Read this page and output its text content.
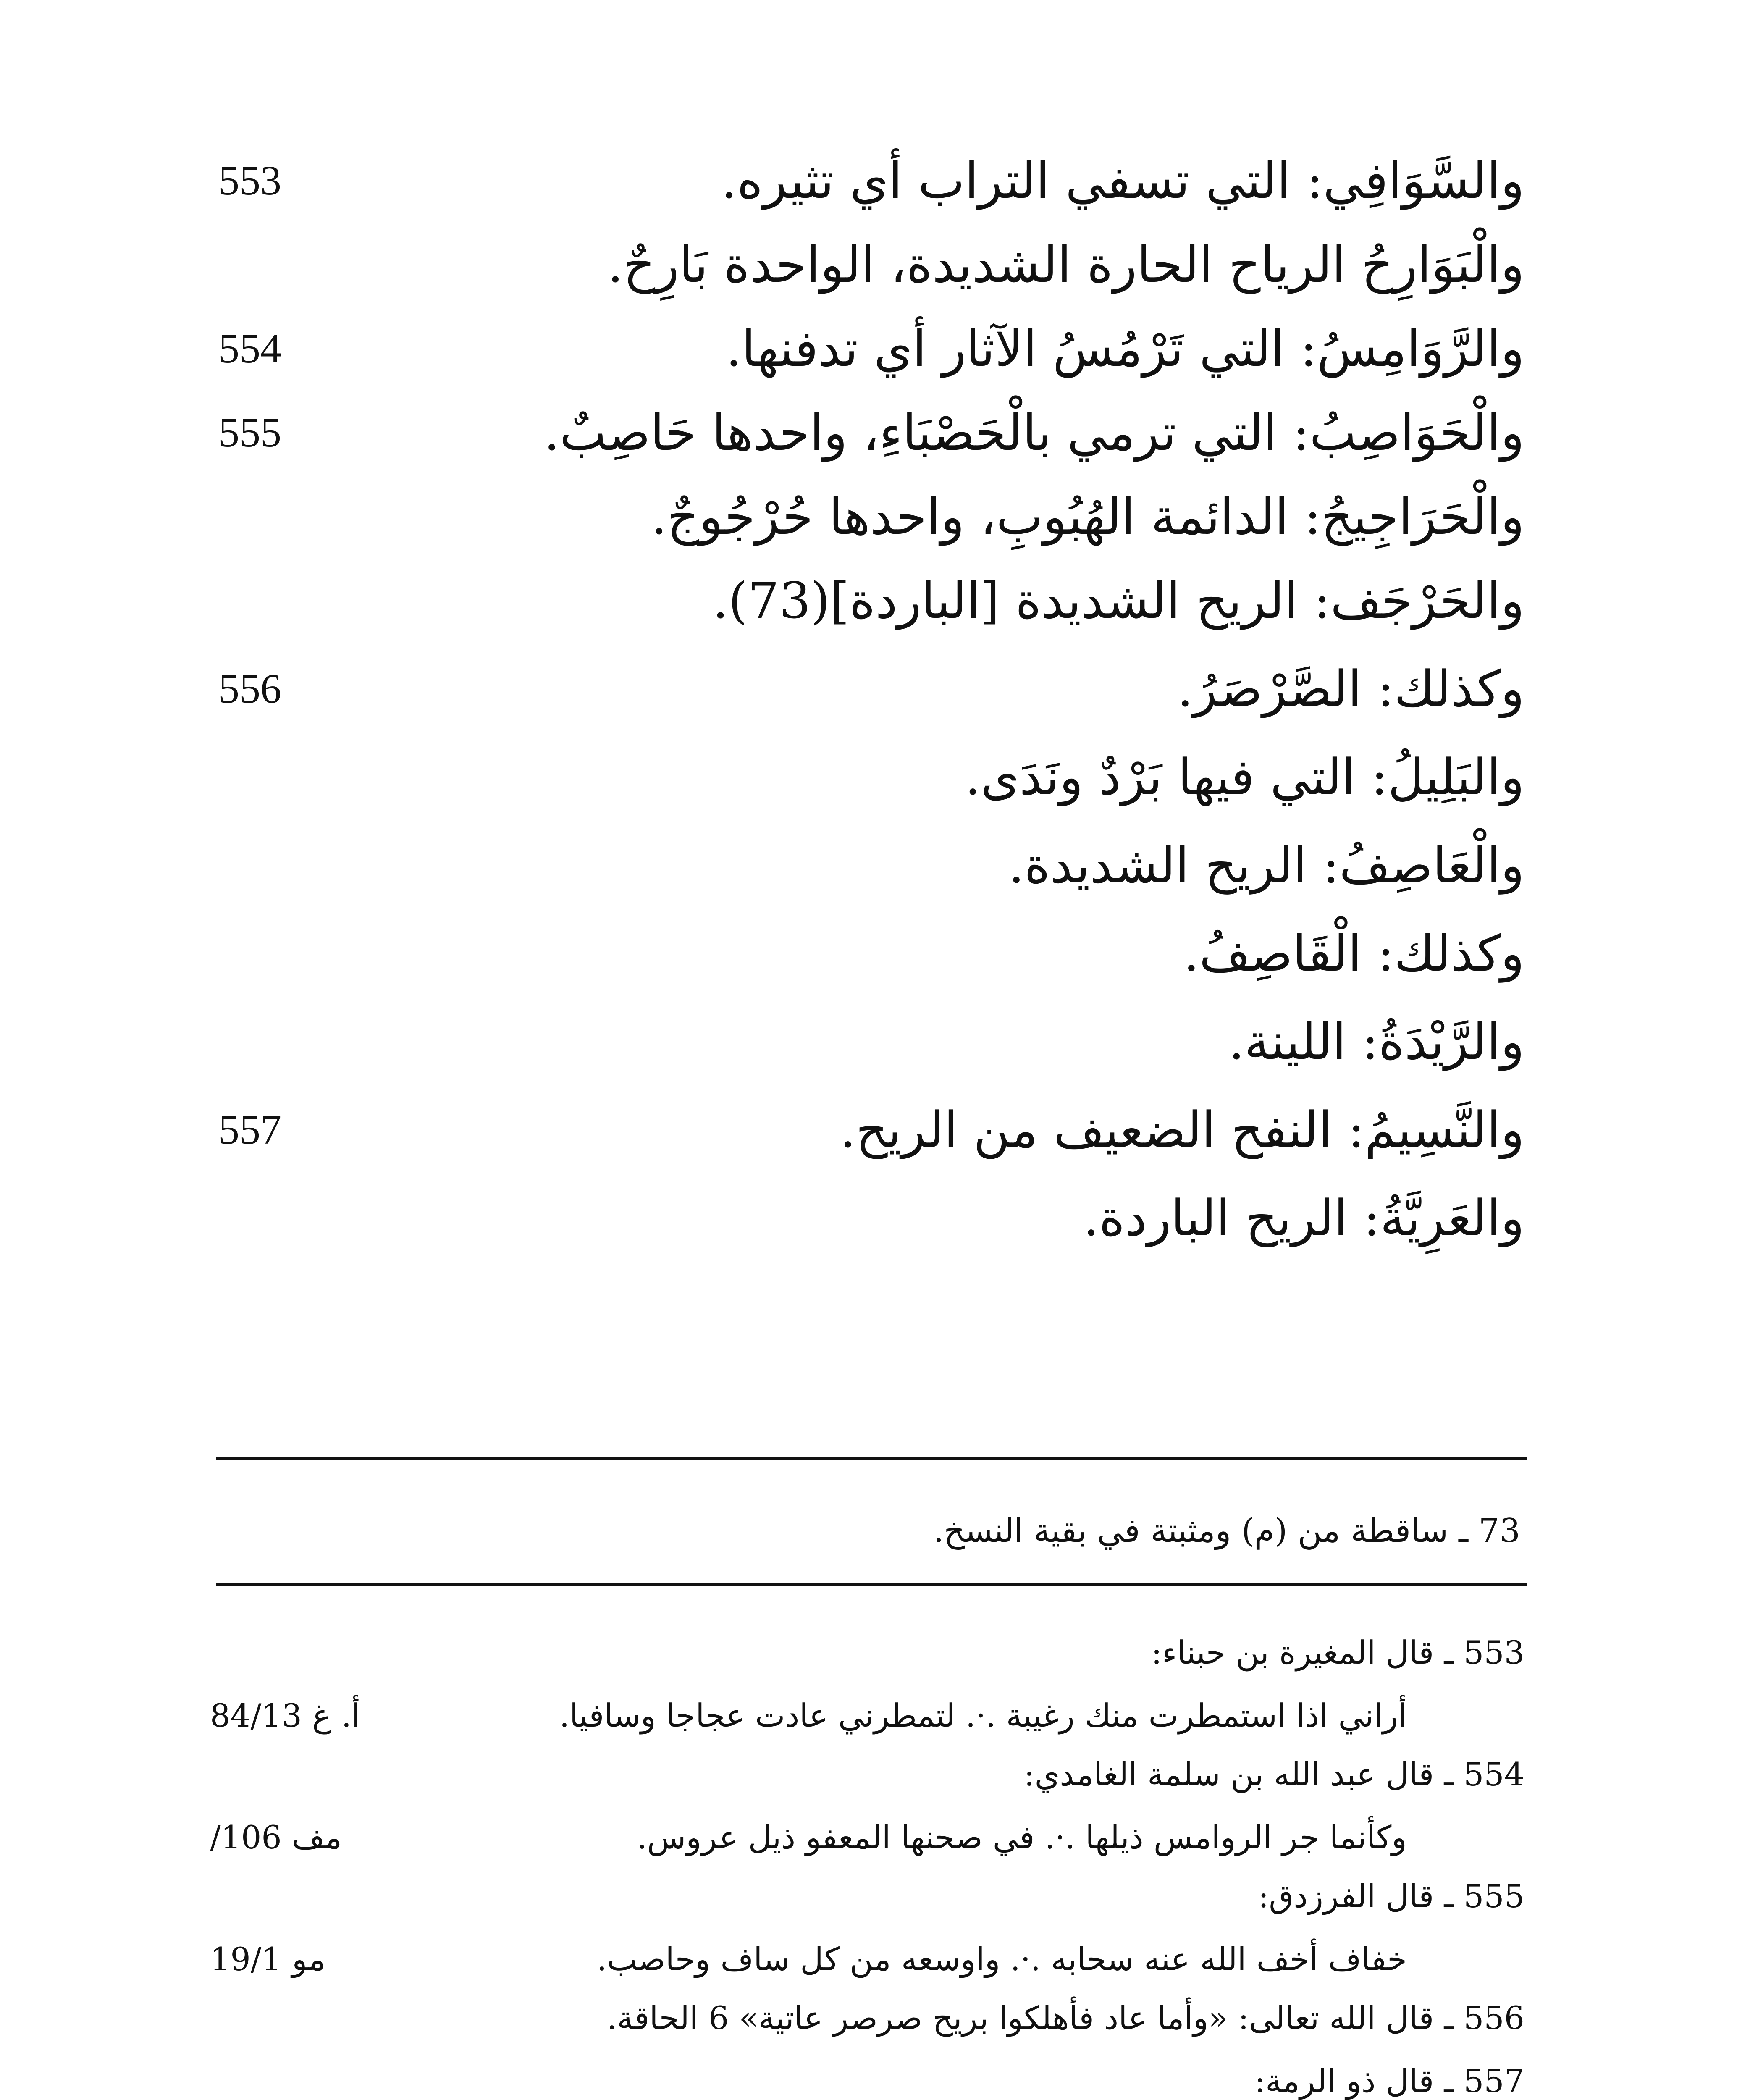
والسَّوَافِي: التي تسفي التراب أي تثيره.
553
والْبَوَارِحُ الرياح الحارة الشديدة، الواحدة بَارِحٌ.
والرَّوَامِسُ: التي تَرْمُسُ الآثار أي تدفنها.
554
والْحَوَاصِبُ: التي ترمي بالْحَصْبَاءِ، واحدها حَاصِبٌ.
555
والْحَرَاجِيجُ: الدائمة الهُبُوبِ، واحدها حُرْجُوجٌ.
والحَرْجَف: الريح الشديدة [الباردة](73).
وكذلك: الصَّرْصَرُ.
556
والبَلِيلُ: التي فيها بَرْدٌ ونَدَى.
والْعَاصِفُ: الريح الشديدة.
وكذلك: الْقَاصِفُ.
والرَّيْدَةُ: اللينة.
والنَّسِيمُ: النفح الضعيف من الريح.
557
والعَرِيَّةُ: الريح الباردة.
73 ـ ساقطة من (م) ومثبتة في بقية النسخ.
553 ـ قال المغيرة بن حبناء:
أراني اذا استمطرت منك رغيبة .·. لتمطرني عادت عجاجا وسافيا.
أ. غ 84/13
554 ـ قال عبد الله بن سلمة الغامدي:
وكأنما جر الروامس ذيلها .·. في صحنها المعفو ذيل عروس.
مف 106/
555 ـ قال الفرزدق:
خفاف أخف الله عنه سحابه .·. واوسعه من كل ساف وحاصب.
مو 19/1
556 ـ قال الله تعالى: «وأما عاد فأهلكوا بريح صرصر عاتية» 6 الحاقة.
557 ـ قال ذو الرمة:
